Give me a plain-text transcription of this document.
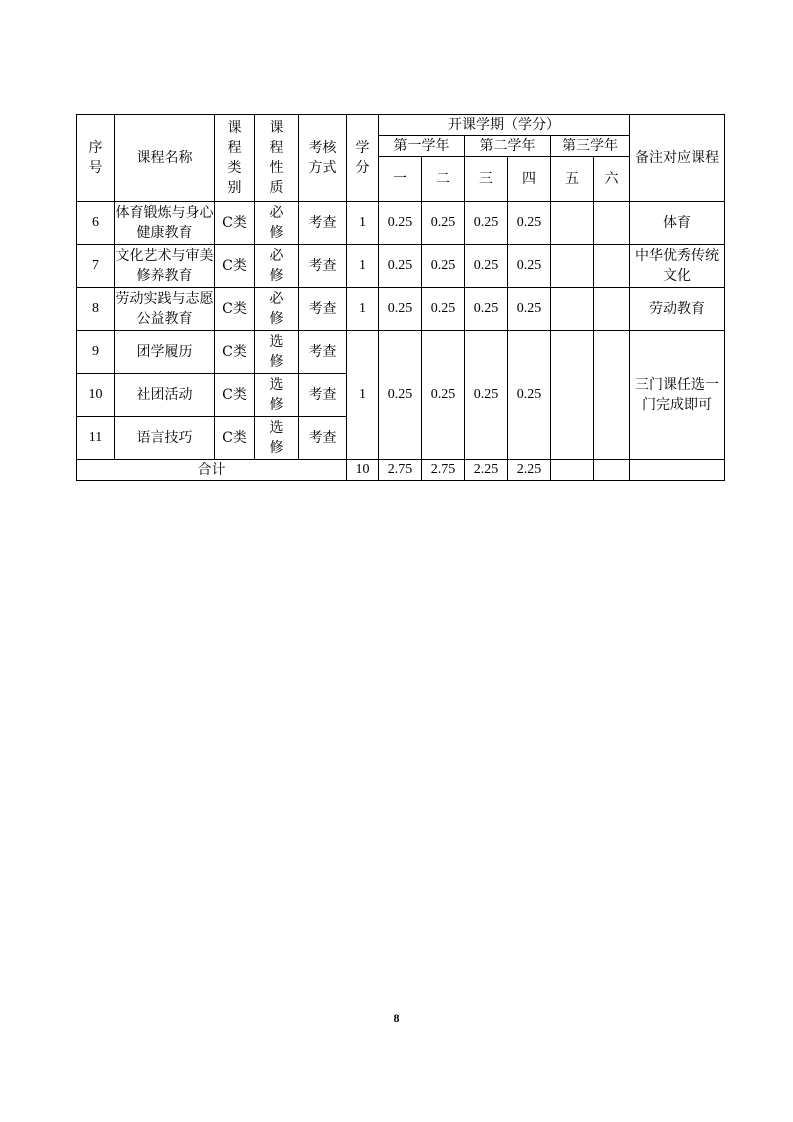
序号	课程名称	课程类别	课程性质	考核方式	学分	开课学期（学分）						备注对应课程
						第一学年		第二学年		第三学年		
						一	二	三	四	五	六	
6	体育锻炼与身心健康教育	C类	必修	考查	1	0.25	0.25	0.25	0.25			体育
7	文化艺术与审美修养教育	C类	必修	考查	1	0.25	0.25	0.25	0.25			中华优秀传统文化
8	劳动实践与志愿公益教育	C类	必修	考查	1	0.25	0.25	0.25	0.25			劳动教育
9	团学履历	C类	选修	考查	1	0.25	0.25	0.25	0.25			三门课任选一门完成即可
10	社团活动	C类	选修	考查								
11	语言技巧	C类	选修	考查								
合计					10	2.75	2.75	2.25	2.25			
8
